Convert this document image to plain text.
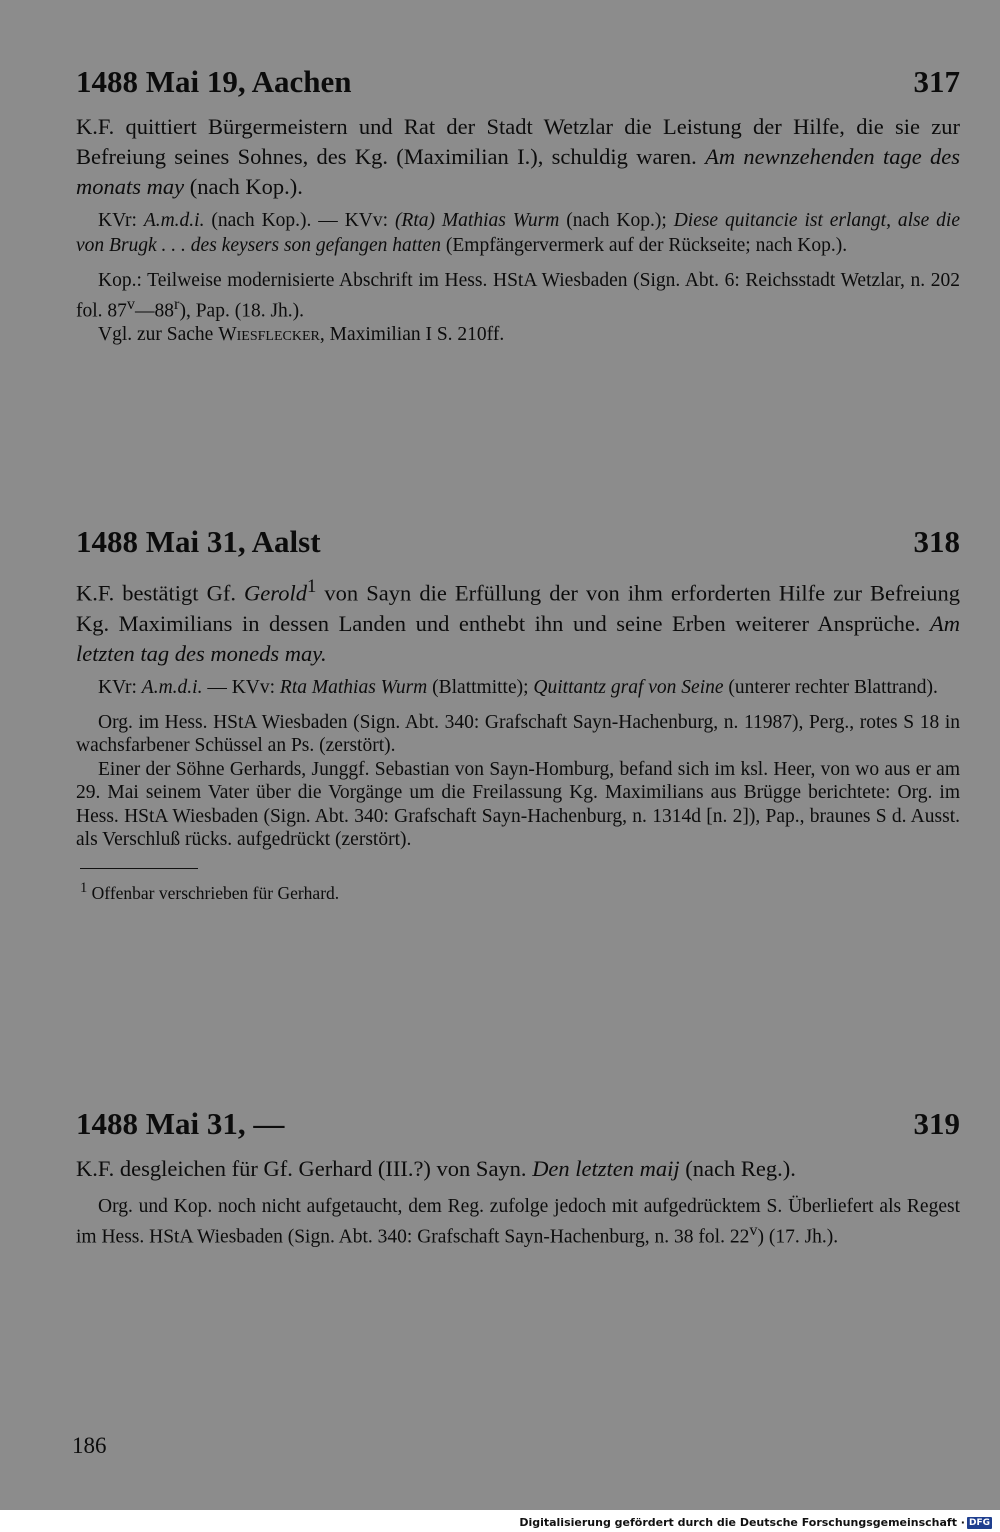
1488 Mai 19, Aachen	317

K.F. quittiert Bürgermeistern und Rat der Stadt Wetzlar die Leistung der Hilfe, die sie zur Befreiung seines Sohnes, des Kg. (Maximilian I.), schuldig waren. Am newnzehenden tage des monats may (nach Kop.).

KVr: A.m.d.i. (nach Kop.). — KVv: (Rta) Mathias Wurm (nach Kop.); Diese quitancie ist erlangt, alse die von Brugk . . . des keysers son gefangen hatten (Empfängervermerk auf der Rückseite; nach Kop.).

Kop.: Teilweise modernisierte Abschrift im Hess. HStA Wiesbaden (Sign. Abt. 6: Reichsstadt Wetzlar, n. 202 fol. 87$^v$—88$^r$), Pap. (18. Jh.).

Vgl. zur Sache Wiesflecker, Maximilian I S. 210ff.

1488 Mai 31, Aalst	318

K.F. bestätigt Gf. Gerold$^1$ von Sayn die Erfüllung der von ihm erforderten Hilfe zur Befreiung Kg. Maximilians in dessen Landen und enthebt ihn und seine Erben weiterer Ansprüche. Am letzten tag des moneds may.

KVr: A.m.d.i. — KVv: Rta Mathias Wurm (Blattmitte); Quittantz graf von Seine (unterer rechter Blattrand).

Org. im Hess. HStA Wiesbaden (Sign. Abt. 340: Grafschaft Sayn-Hachenburg, n. 11987), Perg., rotes S 18 in wachsfarbener Schüssel an Ps. (zerstört).

Einer der Söhne Gerhards, Junggf. Sebastian von Sayn-Homburg, befand sich im ksl. Heer, von wo aus er am 29. Mai seinem Vater über die Vorgänge um die Freilassung Kg. Maximilians aus Brügge berichtete: Org. im Hess. HStA Wiesbaden (Sign. Abt. 340: Grafschaft Sayn-Hachenburg, n. 1314d [n. 2]), Pap., braunes S d. Ausst. als Verschluß rücks. aufgedrückt (zerstört).

$^1$ Offenbar verschrieben für Gerhard.
1488 Mai 31, —	319

K.F. desgleichen für Gf. Gerhard (III.?) von Sayn. Den letzten maij (nach Reg.).

Org. und Kop. noch nicht aufgetaucht, dem Reg. zufolge jedoch mit aufgedrücktem S. Überliefert als Regest im Hess. HStA Wiesbaden (Sign. Abt. 340: Grafschaft Sayn-Hachenburg, n. 38 fol. 22$^v$) (17. Jh.).

186
Digitalisierung gefördert durch die Deutsche Forschungsgemeinschaft · DFG
